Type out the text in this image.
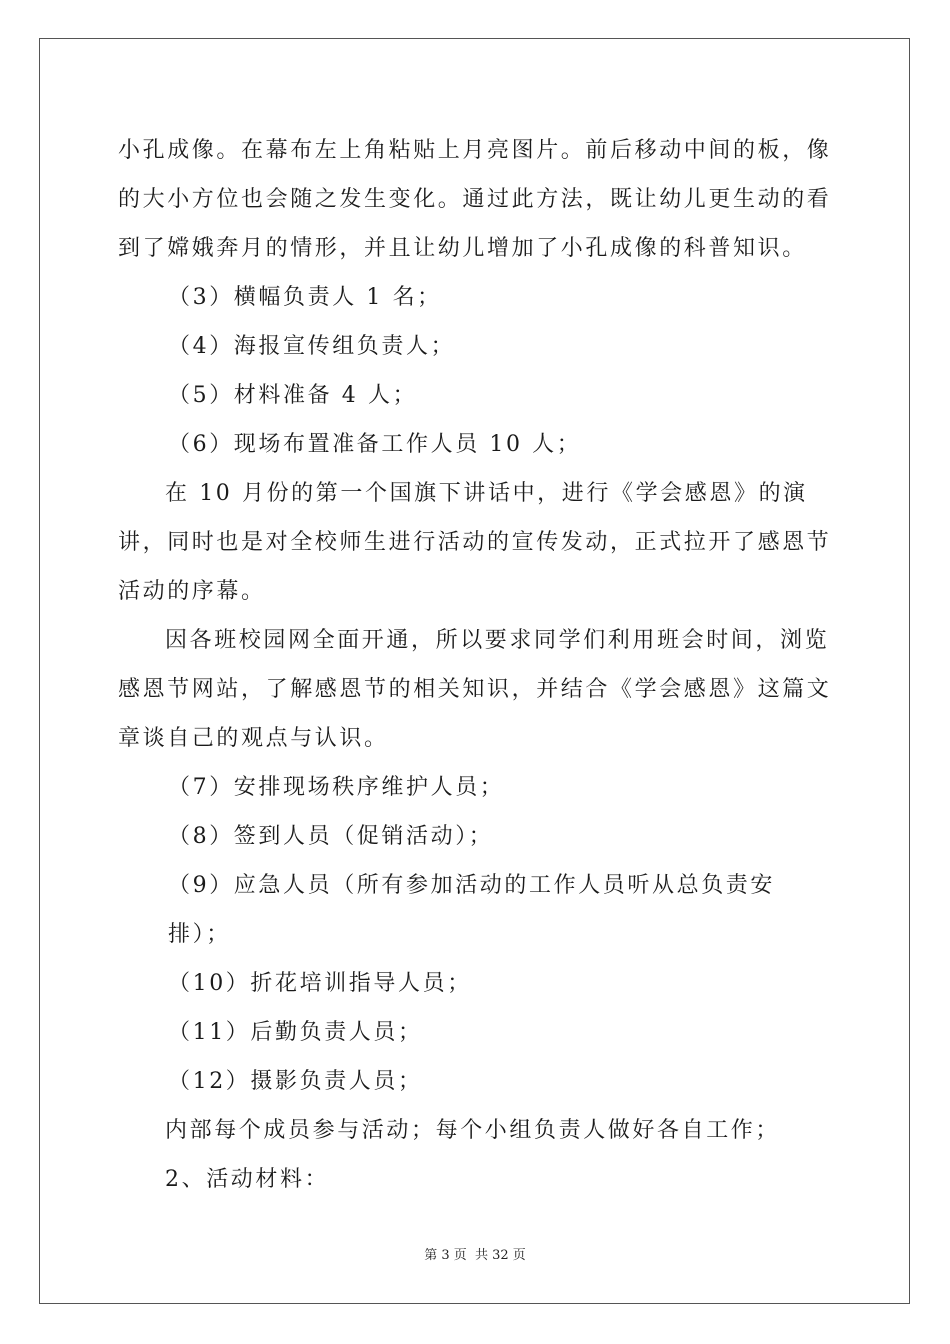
小孔成像。在幕布左上角粘贴上月亮图片。前后移动中间的板，像的大小方位也会随之发生变化。通过此方法，既让幼儿更生动的看到了嫦娥奔月的情形，并且让幼儿增加了小孔成像的科普知识。

（3）横幅负责人 1 名；

（4）海报宣传组负责人；

（5）材料准备 4 人；

（6）现场布置准备工作人员 10 人；

在 10 月份的第一个国旗下讲话中，进行《学会感恩》的演讲，同时也是对全校师生进行活动的宣传发动，正式拉开了感恩节活动的序幕。

因各班校园网全面开通，所以要求同学们利用班会时间，浏览感恩节网站，了解感恩节的相关知识，并结合《学会感恩》这篇文章谈自己的观点与认识。

（7）安排现场秩序维护人员；

（8）签到人员（促销活动）；

（9）应急人员（所有参加活动的工作人员听从总负责安排）；

（10）折花培训指导人员；

（11）后勤负责人员；

（12）摄影负责人员；

内部每个成员参与活动；每个小组负责人做好各自工作；

2、活动材料：

第 3 页 共 32 页
